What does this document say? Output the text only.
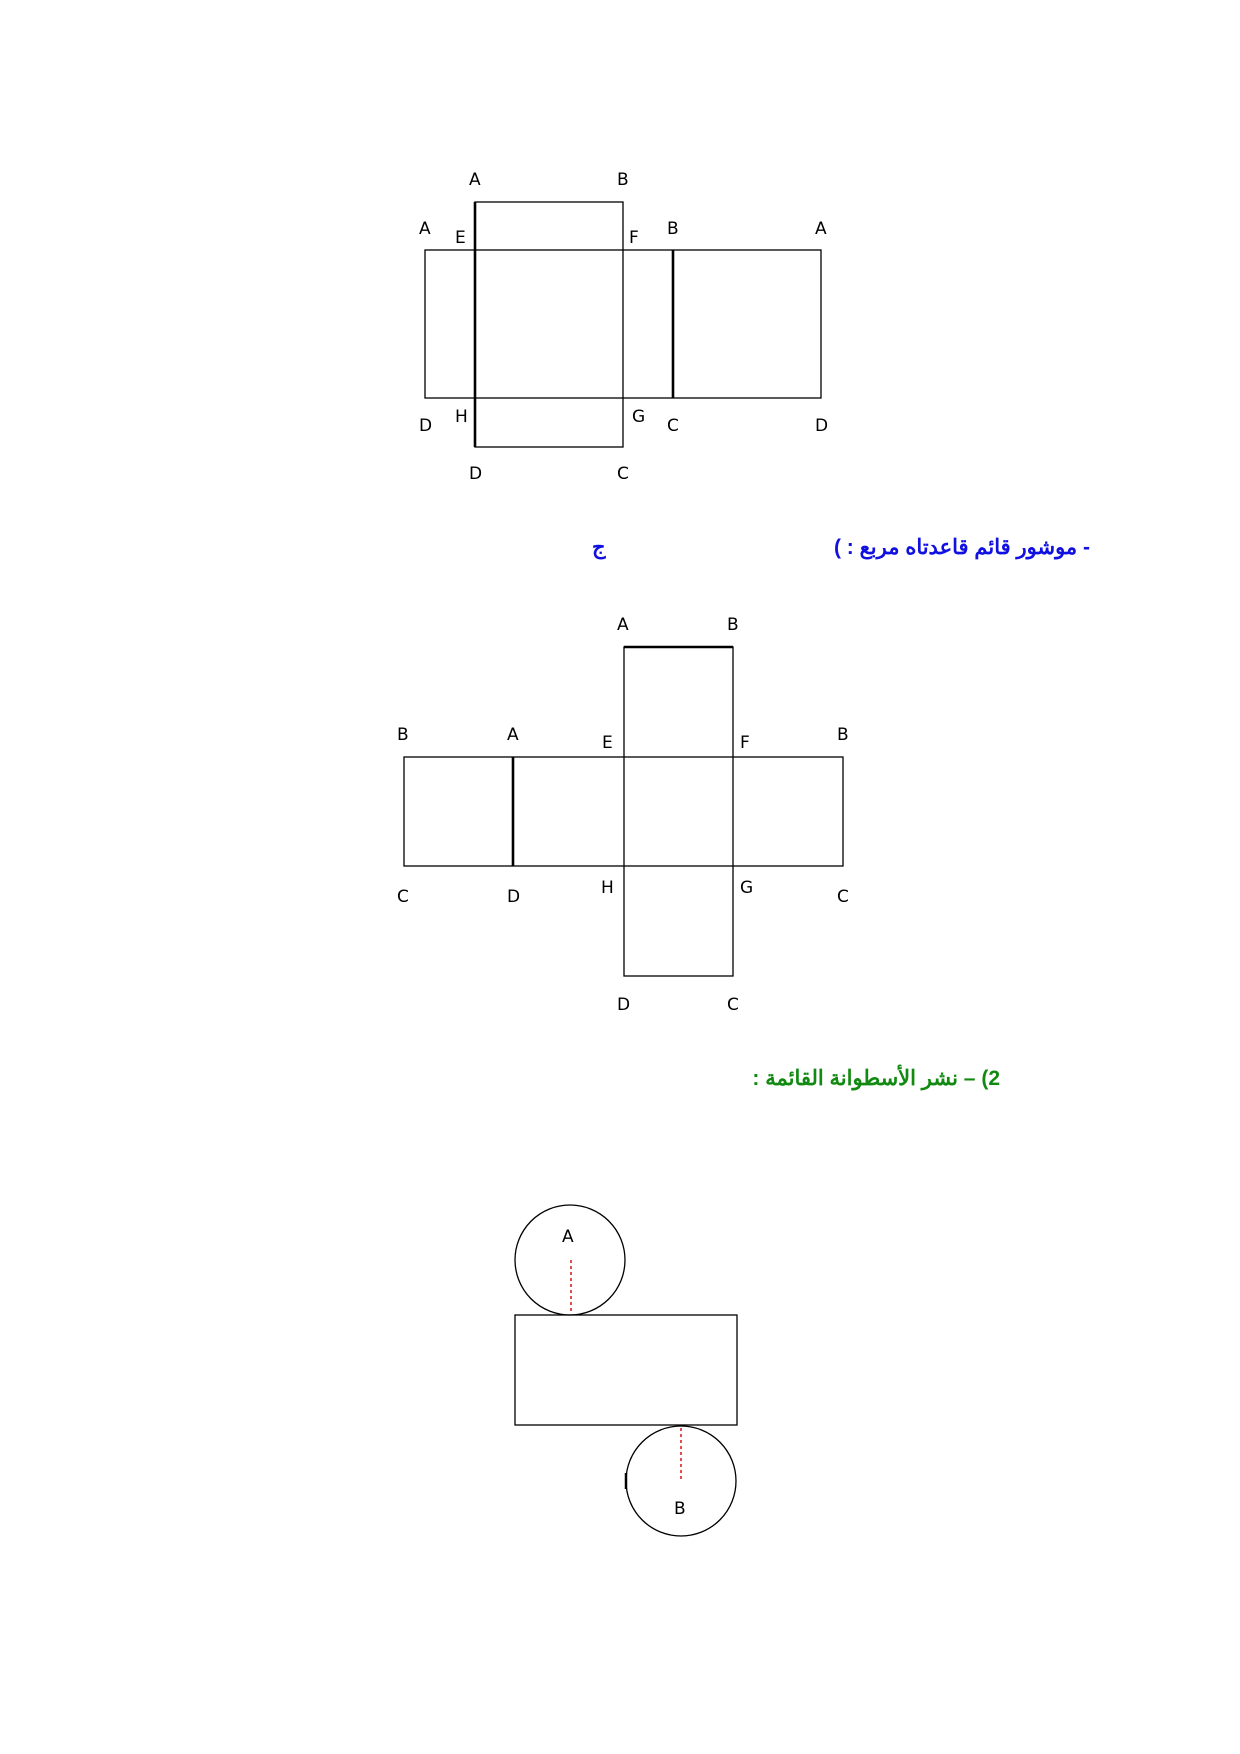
A	B
A E	F B	A
D H	G C	D
D	C
A	B
B	A	E	F	B
C	D	H	G	C
D	C
A
B
- موشور قائم قاعدتاه مربع : )
ج
2) – نشر الأسطوانة القائمة :
